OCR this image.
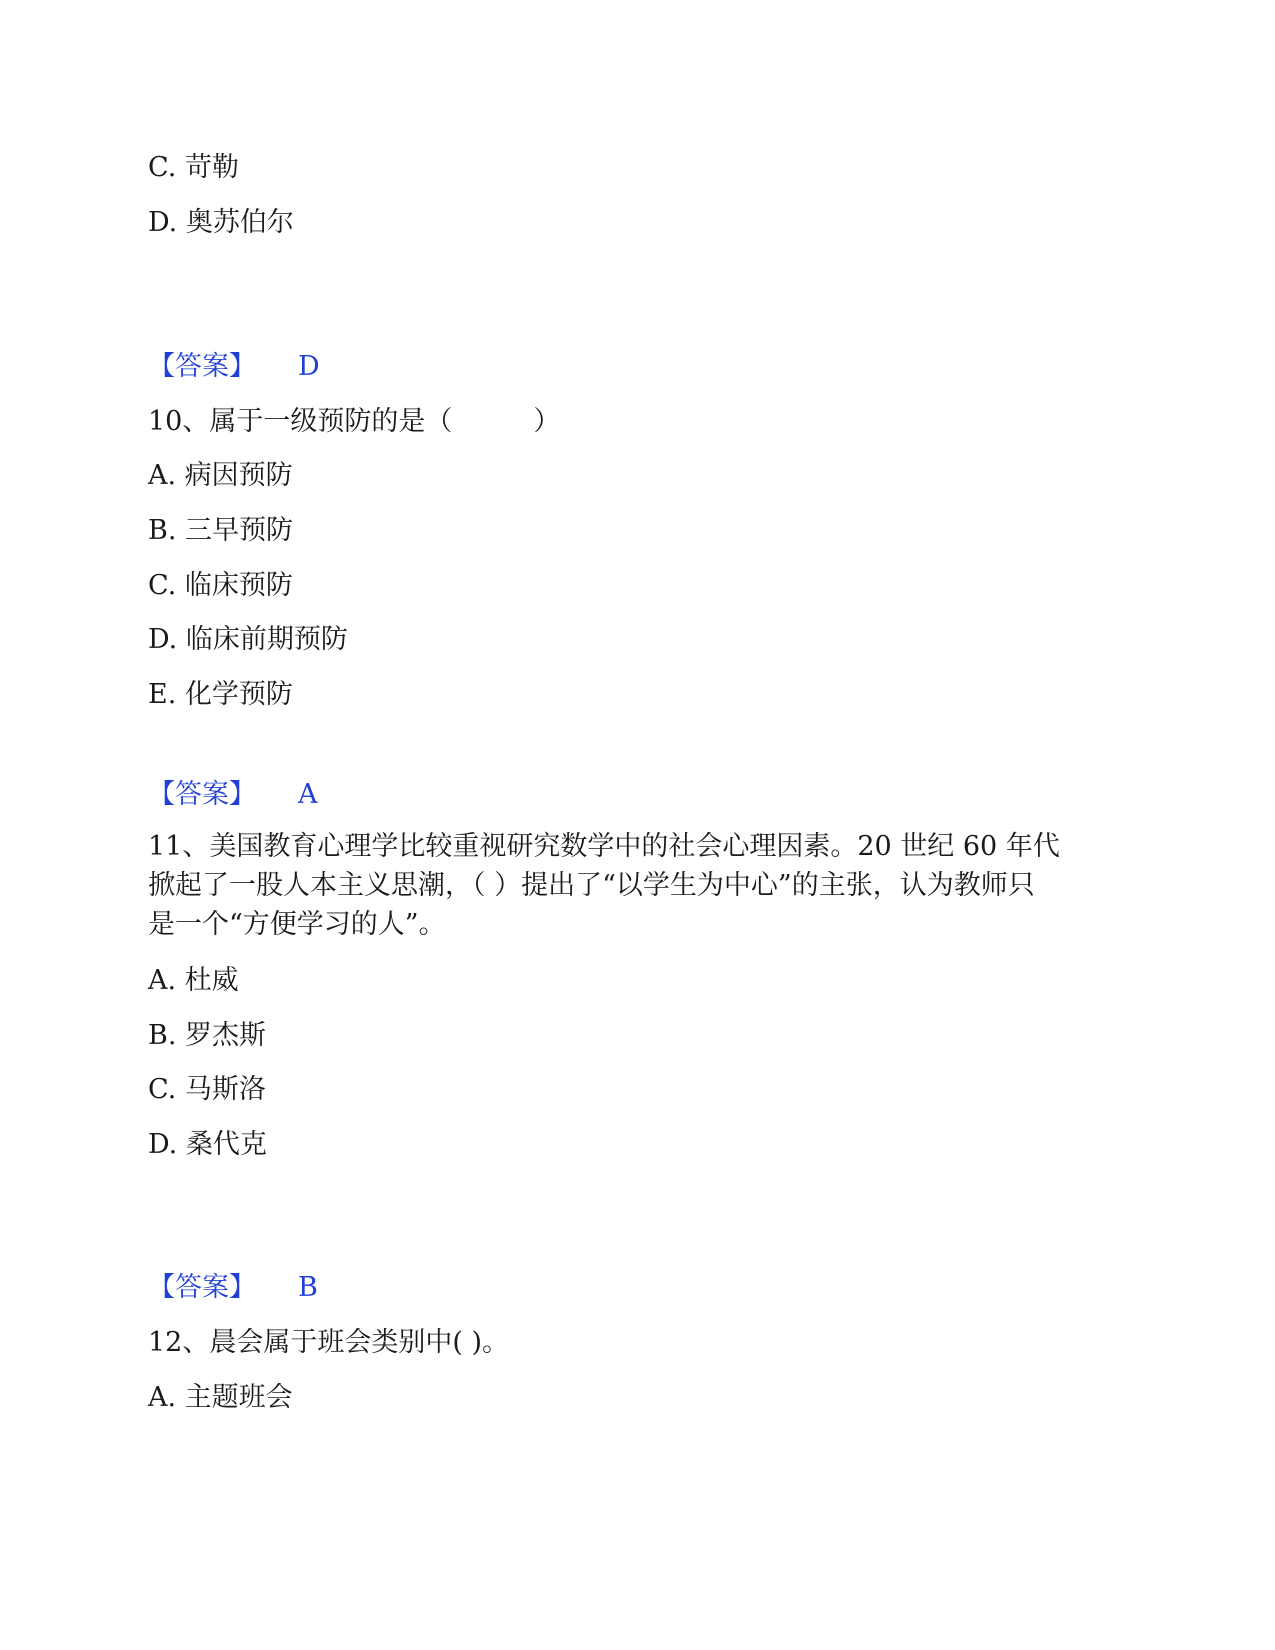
C. 苛勒
D. 奥苏伯尔
【答案】 D
10、属于一级预防的是（　　　）
A. 病因预防
B. 三早预防
C. 临床预防
D. 临床前期预防
E. 化学预防
【答案】 A
11、美国教育心理学比较重视研究数学中的社会心理因素。20 世纪 60 年代
掀起了一股人本主义思潮，（ ）提出了“以学生为中心”的主张，认为教师只
是一个“方便学习的人”。
A. 杜威
B. 罗杰斯
C. 马斯洛
D. 桑代克
【答案】 B
12、晨会属于班会类别中( )。
A. 主题班会
